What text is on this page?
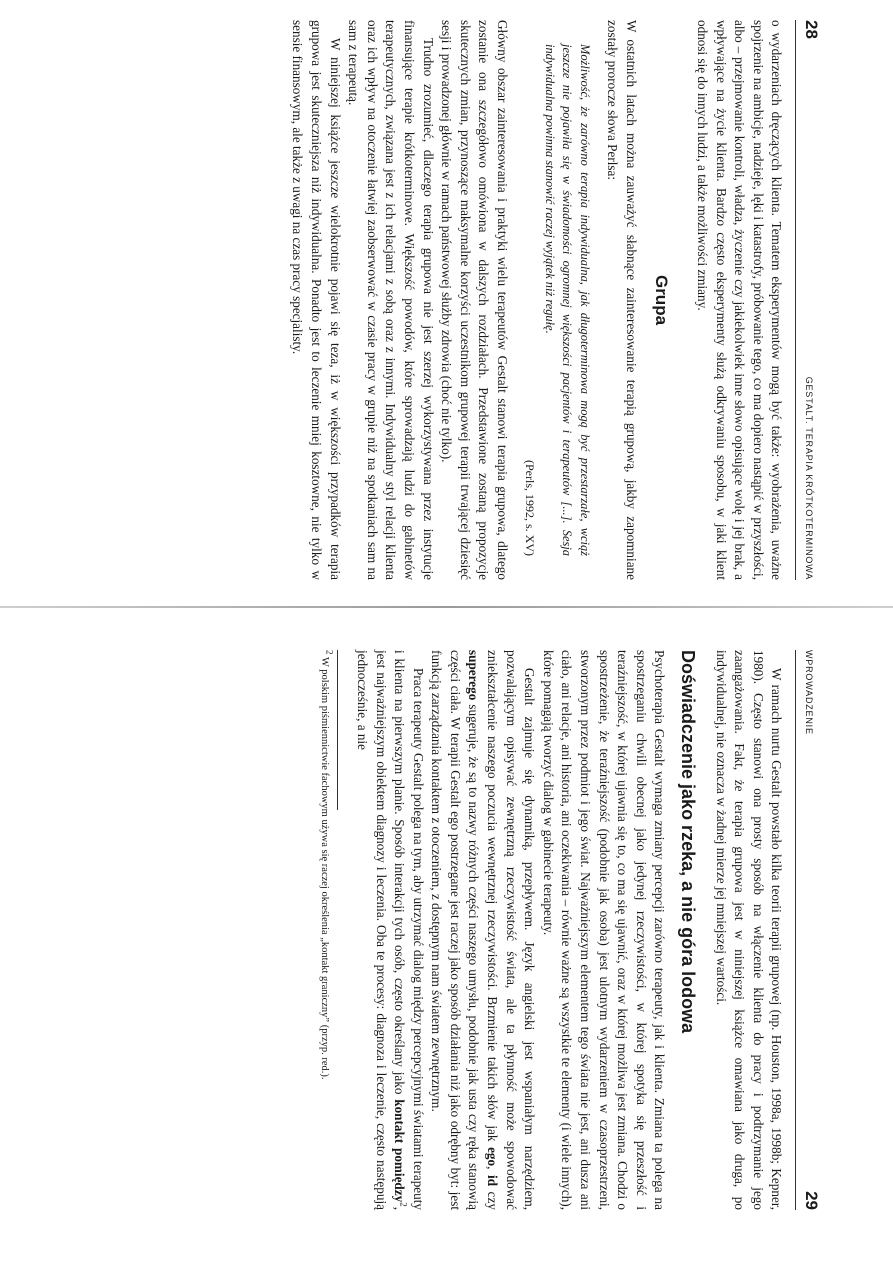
28
GESTALT. TERAPIA KRÓTKOTERMINOWA

o wydarzeniach dręczących klienta. Tematem eksperymentów mogą być także: wyobrażenia, uważne spojrzenie na ambicje, nadzieje, lęki i katastrofy, próbowanie tego, co ma dopiero nastąpić w przyszłości, albo – przejmowanie kontroli, władza, życzenie czy jakiekolwiek inne słowo opisujące wolę i jej brak, a wpływające na życie klienta. Bardzo często eksperymenty służą odkrywaniu sposobu, w jaki klient odnosi się do innych ludzi, a także możliwości zmiany.

Grupa

W ostatnich latach można zauważyć słabnące zainteresowanie terapią grupową, jakby zapomniane zostały prorocze słowa Perlsa:

Możliwość, że zarówno terapia indywidualna, jak długoterminowa mogą być przestarzałe, wciąż jeszcze nie pojawiła się w świadomości ogromnej większości pacjentów i terapeutów [...]. Sesja indywidualna powinna stanowić raczej wyjątek niż regułę.
(Perls, 1992, s. XV)

Główny obszar zainteresowania i praktyki wielu terapeutów Gestalt stanowi terapia grupowa, dlatego zostanie ona szczegółowo omówiona w dalszych rozdziałach. Przedstawione zostaną propozycje skutecznych zmian, przynoszące maksymalne korzyści uczestnikom grupowej terapii trwającej dziesięć sesji i prowadzonej głównie w ramach państwowej służby zdrowia (choć nie tylko).

Trudno zrozumieć, dlaczego terapia grupowa nie jest szerzej wykorzystywana przez instytucje finansujące terapie krótkoterminowe. Większość powodów, które sprowadzają ludzi do gabinetów terapeutycznych, związana jest z ich relacjami z sobą oraz z innymi. Indywidualny styl relacji klienta oraz ich wpływ na otoczenie łatwiej zaobserwować w czasie pracy w grupie niż na spotkaniach sam na sam z terapeutą.

W niniejszej książce jeszcze wielokrotnie pojawi się teza, iż w większości przypadków terapia grupowa jest skuteczniejsza niż indywidualna. Ponadto jest to leczenie mniej kosztowne, nie tylko w sensie finansowym, ale także z uwagi na czas pracy specjalisty.

WPROWADZENIE
29

W ramach nurtu Gestalt powstało kilka teorii terapii grupowej (np. Houston, 1998a, 1998b; Kepner, 1980). Często stanowi ona prosty sposób na włączenie klienta do pracy i podtrzymanie jego zaangażowania. Fakt, że terapia grupowa jest w niniejszej książce omawiana jako druga, po indywidualnej, nie oznacza w żadnej mierze jej mniejszej wartości.

Doświadczenie jako rzeka, a nie góra lodowa

Psychoterapia Gestalt wymaga zmiany percepcji zarówno terapeuty, jak i klienta. Zmiana ta polega na spostrzeganiu chwili obecnej jako jedynej rzeczywistości, w której spotyka się przeszłość i teraźniejszość, w której ujawnia się to, co ma się ujawnić, oraz w której możliwa jest zmiana. Chodzi o spostrzeżenie, że teraźniejszość (podobnie jak osoba) jest ulotnym wydarzeniem w czasoprzestrzeni, stworzonym przez podmiot i jego świat. Najważniejszym elementem tego świata nie jest, ani dusza ani ciało, ani relacje, ani historia, ani oczekiwania – równie ważne są wszystkie te elementy (i wiele innych), które pomagają tworzyć dialog w gabinecie terapeuty.

Gestalt zajmuje się dynamiką, przepływem. Język angielski jest wspaniałym narzędziem, pozwalającym opisywać zewnętrzną rzeczywistość świata, ale ta płynność może spowodować zniekształcenie naszego poczucia wewnętrznej rzeczywistości. Brzmienie takich słów jak ego, id czy superego sugeruje, że są to nazwy różnych części naszego umysłu, podobnie jak usta czy ręka stanowią części ciała. W terapii Gestalt ego postrzegane jest raczej jako sposób działania niż jako odrębny byt: jest funkcją zarządzania kontaktem z otoczeniem, z dostępnym nam światem zewnętrznym.

Praca terapeuty Gestalt polega na tym, aby utrzymać dialog między percepcyjnymi światami terapeuty i klienta na pierwszym planie. Sposób interakcji tych osób, często określany jako kontakt pomiędzy$^2$, jest najważniejszym obiektem diagnozy i leczenia. Oba te procesy: diagnoza i leczenie, często następują jednocześnie, a nie

$^2$ W polskim piśmiennictwie fachowym używa się raczej określenia „kontakt graniczny” (przyp. red.).
